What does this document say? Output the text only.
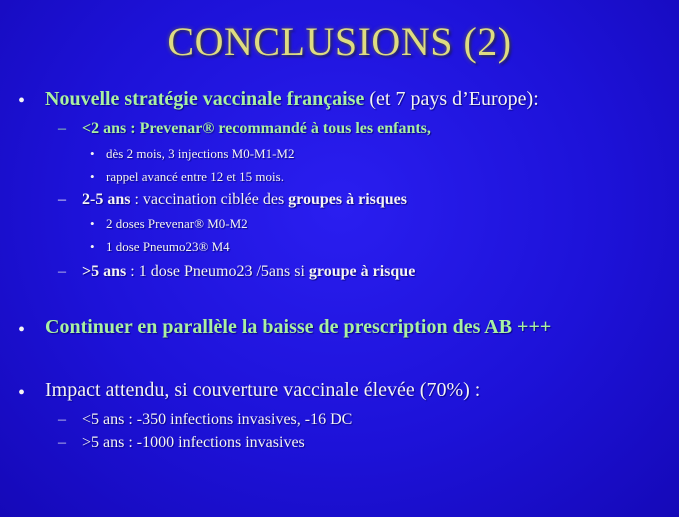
CONCLUSIONS (2)
• Nouvelle stratégie vaccinale française (et 7 pays d’Europe):
– <2 ans : Prevenar® recommandé à tous les enfants,
• dès 2 mois, 3 injections M0-M1-M2
• rappel avancé entre 12 et 15 mois.
– 2-5 ans : vaccination ciblée des groupes à risques
• 2 doses Prevenar® M0-M2
• 1 dose Pneumo23® M4
– >5 ans : 1 dose Pneumo23 /5ans si groupe à risque
• Continuer en parallèle la baisse de prescription des AB +++
• Impact attendu, si couverture vaccinale élevée (70%) :
– <5 ans : -350 infections invasives, -16 DC
– >5 ans : -1000 infections invasives
